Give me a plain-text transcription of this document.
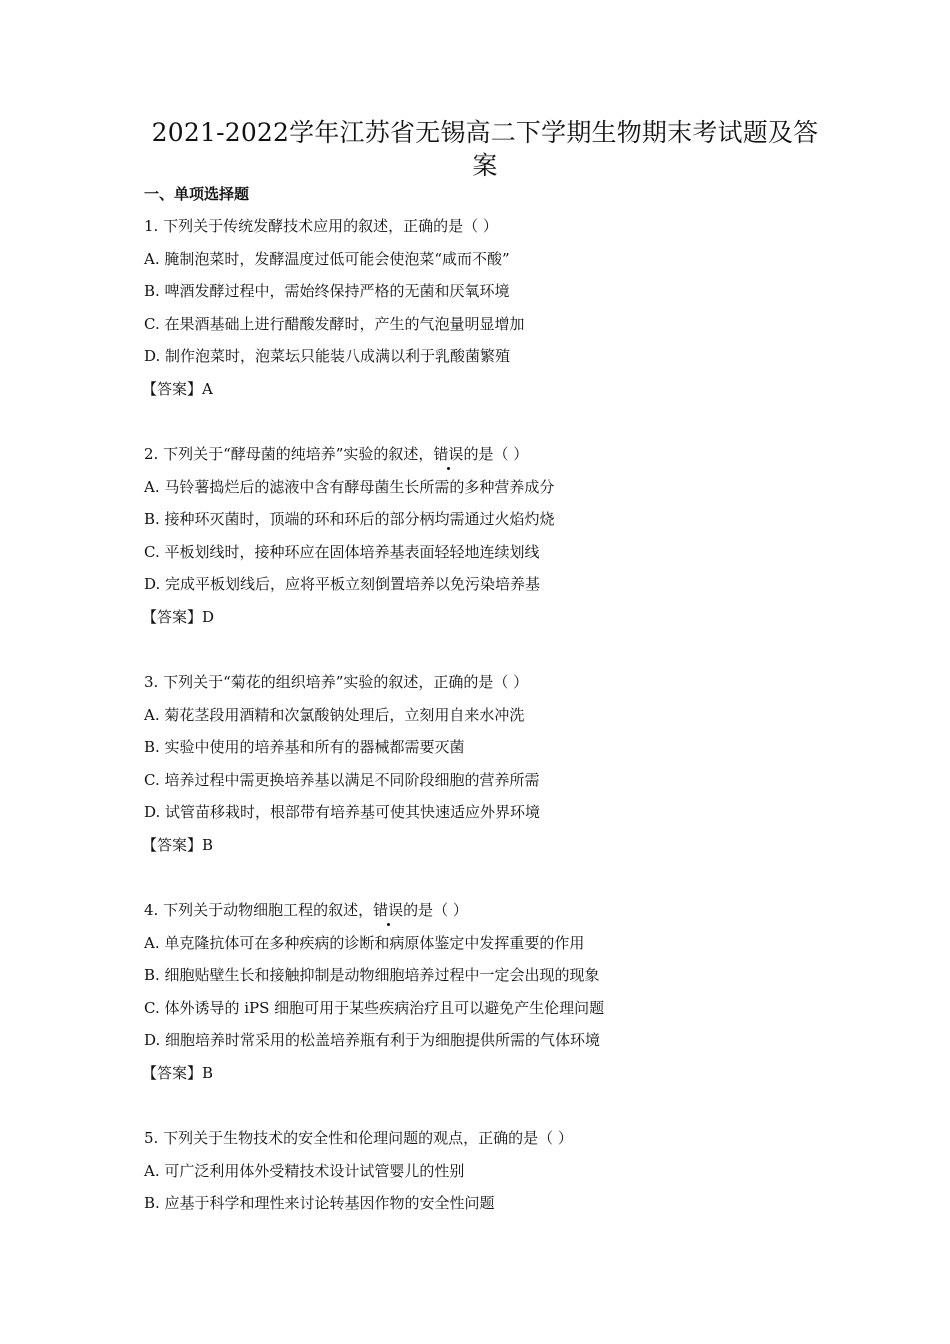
2021-2022学年江苏省无锡高二下学期生物期末考试题及答
案
一、单项选择题
1. 下列关于传统发酵技术应用的叙述，正确的是（ ）
A. 腌制泡菜时，发酵温度过低可能会使泡菜“咸而不酸”
B. 啤酒发酵过程中，需始终保持严格的无菌和厌氧环境
C. 在果酒基础上进行醋酸发酵时，产生的气泡量明显增加
D. 制作泡菜时，泡菜坛只能装八成满以利于乳酸菌繁殖
【答案】A
2. 下列关于“酵母菌的纯培养”实验的叙述，错误的是（ ）
A. 马铃薯捣烂后的滤液中含有酵母菌生长所需的多种营养成分
B. 接种环灭菌时，顶端的环和环后的部分柄均需通过火焰灼烧
C. 平板划线时，接种环应在固体培养基表面轻轻地连续划线
D. 完成平板划线后，应将平板立刻倒置培养以免污染培养基
【答案】D
3. 下列关于“菊花的组织培养”实验的叙述，正确的是（ ）
A. 菊花茎段用酒精和次氯酸钠处理后，立刻用自来水冲洗
B. 实验中使用的培养基和所有的器械都需要灭菌
C. 培养过程中需更换培养基以满足不同阶段细胞的营养所需
D. 试管苗移栽时，根部带有培养基可使其快速适应外界环境
【答案】B
4. 下列关于动物细胞工程的叙述，错误的是（ ）
A. 单克隆抗体可在多种疾病的诊断和病原体鉴定中发挥重要的作用
B. 细胞贴壁生长和接触抑制是动物细胞培养过程中一定会出现的现象
C. 体外诱导的 iPS 细胞可用于某些疾病治疗且可以避免产生伦理问题
D. 细胞培养时常采用的松盖培养瓶有利于为细胞提供所需的气体环境
【答案】B
5. 下列关于生物技术的安全性和伦理问题的观点，正确的是（ ）
A. 可广泛利用体外受精技术设计试管婴儿的性别
B. 应基于科学和理性来讨论转基因作物的安全性问题
